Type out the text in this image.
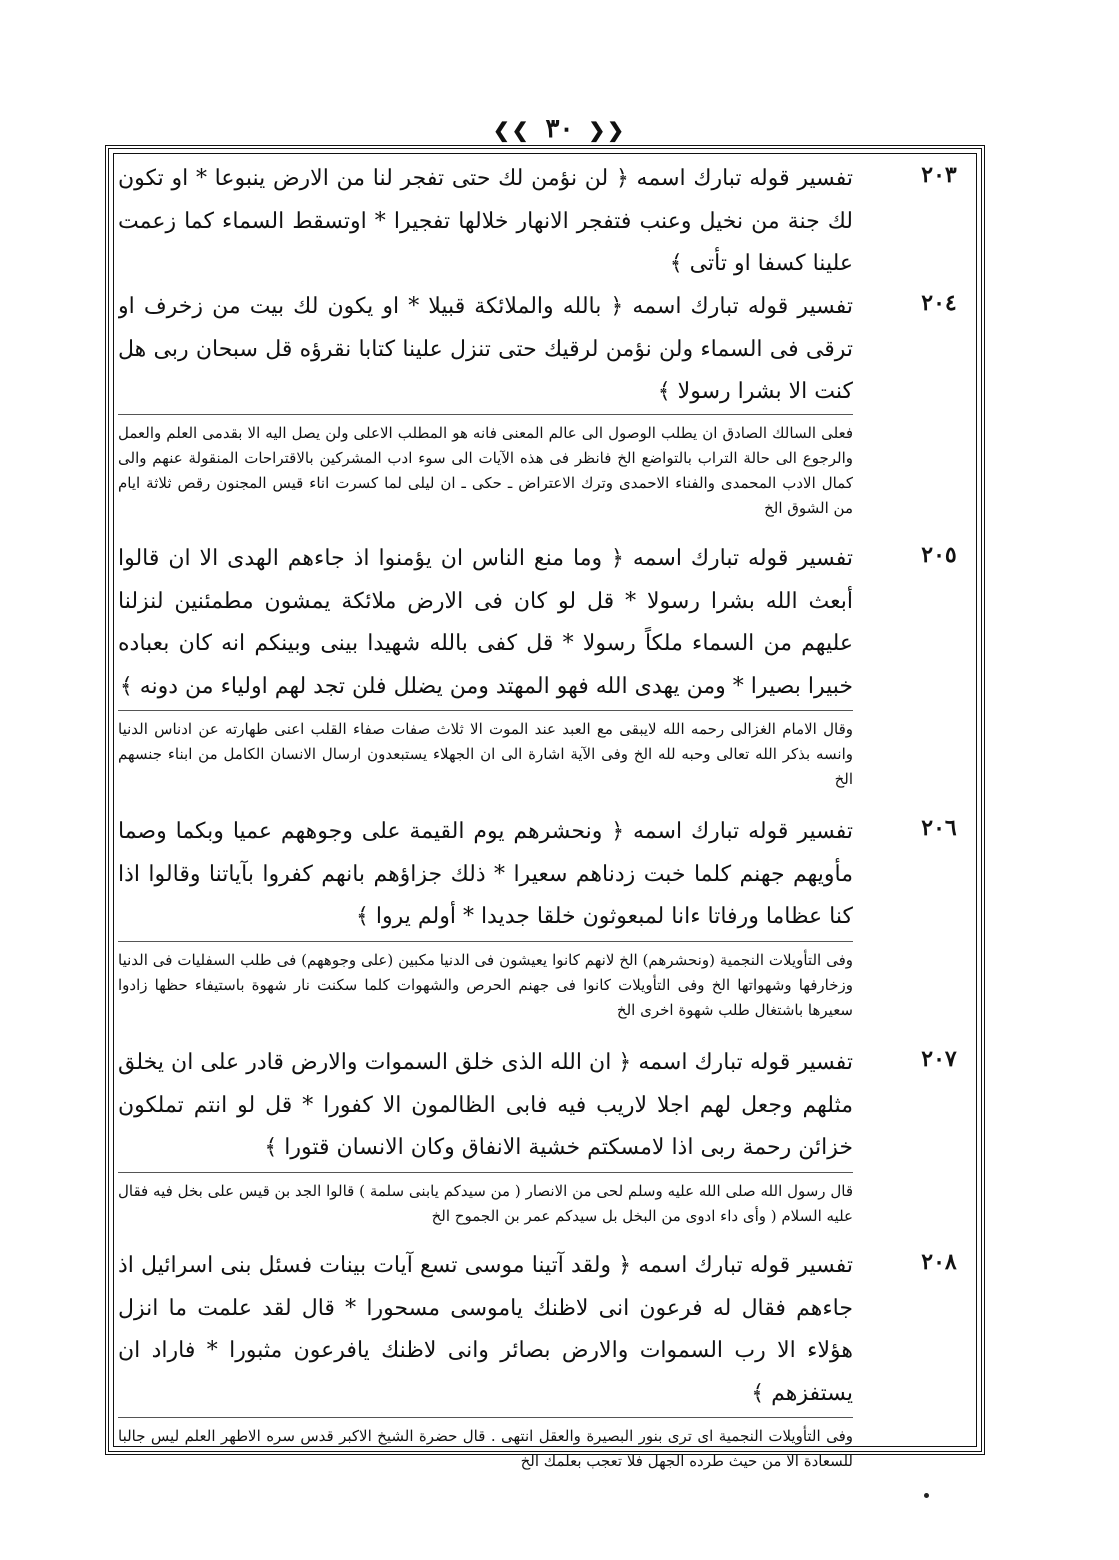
❮❮ ٣٠ ❯❯
٢٠٣

تفسير قوله تبارك اسمه ﴿ لن نؤمن لك حتى تفجر لنا من الارض ينبوعا * او تكون لك جنة من نخيل وعنب فتفجر الانهار خلالها تفجيرا * اوتسقط السماء كما زعمت علينا كسفا او تأتى ﴾

٢٠٤

تفسير قوله تبارك اسمه ﴿ بالله والملائكة قبيلا * او يكون لك بيت من زخرف او ترقى فى السماء ولن نؤمن لرقيك حتى تنزل علينا كتابا نقرؤه قل سبحان ربى هل كنت الا بشرا رسولا ﴾

فعلى السالك الصادق ان يطلب الوصول الى عالم المعنى فانه هو المطلب الاعلى ولن يصل اليه الا بقدمى العلم والعمل والرجوع الى حالة التراب بالتواضع الخ فانظر فى هذه الآيات الى سوء ادب المشركين بالاقتراحات المنقولة عنهم والى كمال الادب المحمدى والفناء الاحمدى وترك الاعتراض ـ حكى ـ ان ليلى لما كسرت اناء قيس المجنون رقص ثلاثة ايام من الشوق الخ

٢٠٥

تفسير قوله تبارك اسمه ﴿ وما منع الناس ان يؤمنوا اذ جاءهم الهدى الا ان قالوا أبعث الله بشرا رسولا * قل لو كان فى الارض ملائكة يمشون مطمئنين لنزلنا عليهم من السماء ملكاً رسولا * قل كفى بالله شهيدا بينى وبينكم انه كان بعباده خبيرا بصيرا * ومن يهدى الله فهو المهتد ومن يضلل فلن تجد لهم اولياء من دونه ﴾

وقال الامام الغزالى رحمه الله لايبقى مع العبد عند الموت الا ثلاث صفات صفاء القلب اعنى طهارته عن ادناس الدنيا وانسه بذكر الله تعالى وحبه لله الخ وفى الآية اشارة الى ان الجهلاء يستبعدون ارسال الانسان الكامل من ابناء جنسهم الخ

٢٠٦

تفسير قوله تبارك اسمه ﴿ ونحشرهم يوم القيمة على وجوههم عميا وبكما وصما مأويهم جهنم كلما خبت زدناهم سعيرا * ذلك جزاؤهم بانهم كفروا بآياتنا وقالوا اذا كنا عظاما ورفاتا ءانا لمبعوثون خلقا جديدا * أولم يروا ﴾

وفى التأويلات النجمية (ونحشرهم) الخ لانهم كانوا يعيشون فى الدنيا مكبين (على وجوههم) فى طلب السفليات فى الدنيا وزخارفها وشهواتها الخ وفى التأويلات كانوا فى جهنم الحرص والشهوات كلما سكنت نار شهوة باستيفاء حظها زادوا سعيرها باشتغال طلب شهوة اخرى الخ

٢٠٧

تفسير قوله تبارك اسمه ﴿ ان الله الذى خلق السموات والارض قادر على ان يخلق مثلهم وجعل لهم اجلا لاريب فيه فابى الظالمون الا كفورا * قل لو انتم تملكون خزائن رحمة ربى اذا لامسكتم خشية الانفاق وكان الانسان قتورا ﴾

قال رسول الله صلى الله عليه وسلم لحى من الانصار ( من سيدكم يابنى سلمة ) قالوا الجد بن قيس على بخل فيه فقال عليه السلام ( وأى داء ادوى من البخل بل سيدكم عمر بن الجموح الخ

٢٠٨

تفسير قوله تبارك اسمه ﴿ ولقد آتينا موسى تسع آيات بينات فسئل بنى اسرائيل اذ جاءهم فقال له فرعون انى لاظنك ياموسى مسحورا * قال لقد علمت ما انزل هؤلاء الا رب السموات والارض بصائر وانى لاظنك يافرعون مثبورا * فاراد ان يستفزهم ﴾

وفى التأويلات النجمية اى ترى بنور البصيرة والعقل انتهى . قال حضرة الشيخ الاكبر قدس سره الاطهر العلم ليس جالبا للسعادة الا من حيث طرده الجهل فلا تعجب بعلمك الخ
